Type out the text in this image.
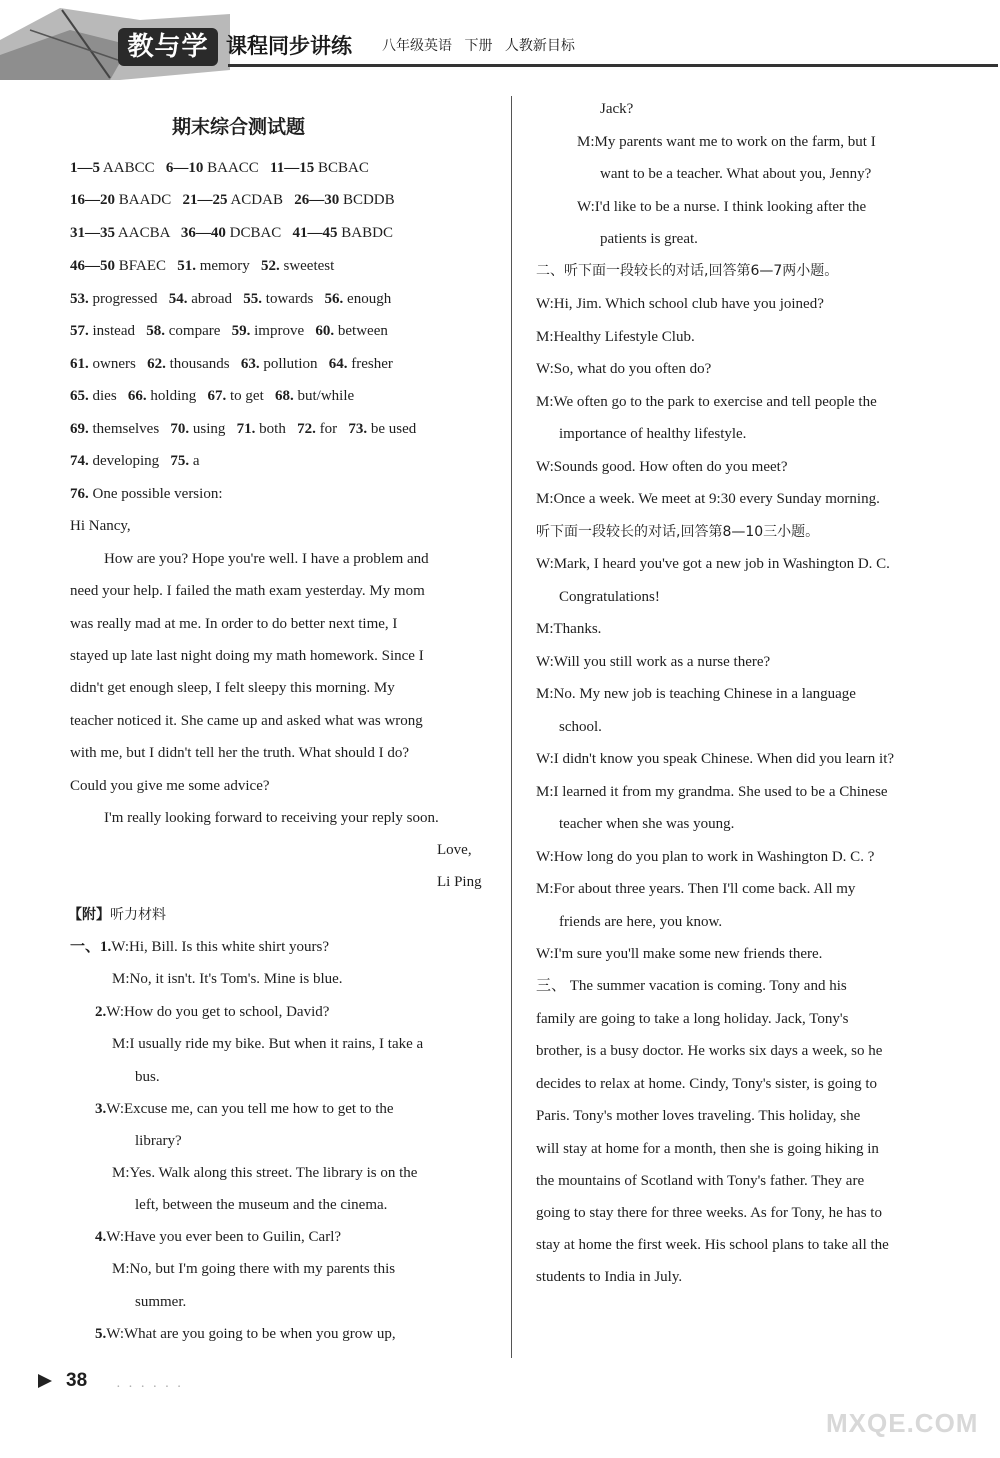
教与学 课程同步讲练 八年级英语 下册 人教新目标
期末综合测试题
1—5 AABCC   6—10 BAACC   11—15 BCBAC
16—20 BAADC   21—25 ACDAB   26—30 BCDDB
31—35 AACBA   36—40 DCBAC   41—45 BABDC
46—50 BFAEC   51. memory   52. sweetest
53. progressed   54. abroad   55. towards   56. enough
57. instead   58. compare   59. improve   60. between
61. owners   62. thousands   63. pollution   64. fresher
65. dies   66. holding   67. to get   68. but/while
69. themselves   70. using   71. both   72. for   73. be used
74. developing   75. a
76. One possible version:
Hi Nancy,
How are you? Hope you're well. I have a problem and
need your help. I failed the math exam yesterday. My mom
was really mad at me. In order to do better next time, I
stayed up late last night doing my math homework. Since I
didn't get enough sleep, I felt sleepy this morning. My
teacher noticed it. She came up and asked what was wrong
with me, but I didn't tell her the truth. What should I do?
Could you give me some advice?
I'm really looking forward to receiving your reply soon.
Love,
Li Ping
【附】听力材料
一、1.W:Hi, Bill. Is this white shirt yours?
M:No, it isn't. It's Tom's. Mine is blue.
2.W:How do you get to school, David?
M:I usually ride my bike. But when it rains, I take a
bus.
3.W:Excuse me, can you tell me how to get to the
library?
M:Yes. Walk along this street. The library is on the
left, between the museum and the cinema.
4.W:Have you ever been to Guilin, Carl?
M:No, but I'm going there with my parents this
summer.
5.W:What are you going to be when you grow up,
Jack?
M:My parents want me to work on the farm, but I
want to be a teacher. What about you, Jenny?
W:I'd like to be a nurse. I think looking after the
patients is great.
二、听下面一段较长的对话,回答第6—7两小题。
W:Hi, Jim. Which school club have you joined?
M:Healthy Lifestyle Club.
W:So, what do you often do?
M:We often go to the park to exercise and tell people the
importance of healthy lifestyle.
W:Sounds good. How often do you meet?
M:Once a week. We meet at 9:30 every Sunday morning.
听下面一段较长的对话,回答第8—10三小题。
W:Mark, I heard you've got a new job in Washington D. C.
Congratulations!
M:Thanks.
W:Will you still work as a nurse there?
M:No. My new job is teaching Chinese in a language
school.
W:I didn't know you speak Chinese. When did you learn it?
M:I learned it from my grandma. She used to be a Chinese
teacher when she was young.
W:How long do you plan to work in Washington D. C. ?
M:For about three years. Then I'll come back. All my
friends are here, you know.
W:I'm sure you'll make some new friends there.
三、 The summer vacation is coming. Tony and his
family are going to take a long holiday. Jack, Tony's
brother, is a busy doctor. He works six days a week, so he
decides to relax at home. Cindy, Tony's sister, is going to
Paris. Tony's mother loves traveling. This holiday, she
will stay at home for a month, then she is going hiking in
the mountains of Scotland with Tony's father. They are
going to stay there for three weeks. As for Tony, he has to
stay at home the first week. His school plans to take all the
students to India in July.
38 · · · · · ·
MXQE.COM
